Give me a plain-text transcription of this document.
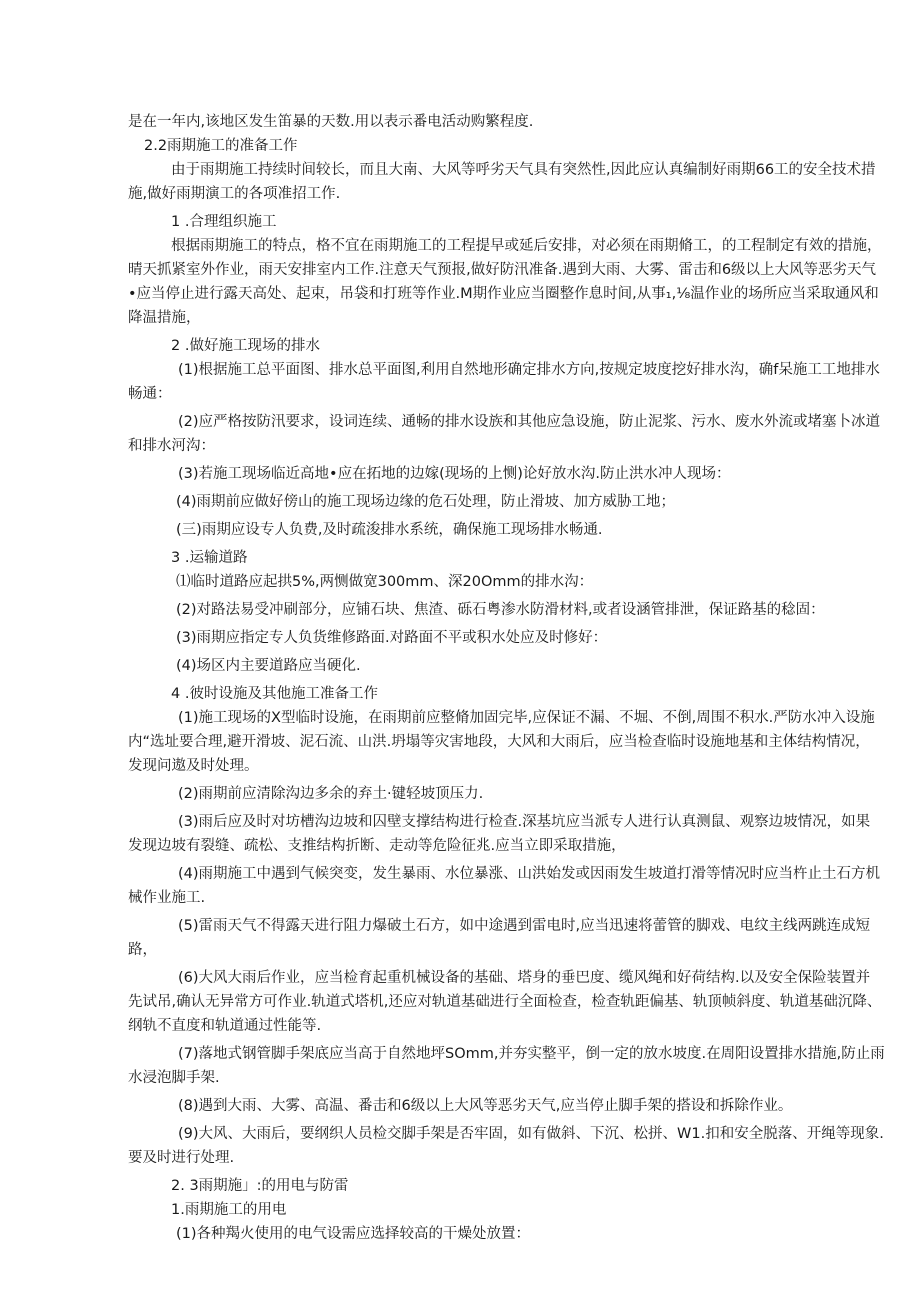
是在一年内,该地区发生笛暴的天数.用以表示番电活动购繁程度.
2.2雨期施工的准备工作
由于雨期施工持续时间较长，而且大南、大风等呼劣天气具有突然性,因此应认真编制好雨期66工的安全技术措
施,做好雨期演工的各项准招工作.
1 .合理组织施工
根据雨期施工的特点，格不宜在雨期施工的工程提早或延后安排，对必须在雨期脩工，的工程制定有效的措施，
晴天抓紧室外作业，雨天安排室内工作.注意天气预报,做好防汛准备.遇到大雨、大雾、雷击和6级以上大风等恶劣天气
•应当停止进行露天高处、起束，吊袋和打班等作业.M期作业应当圈整作息时间,从事₁,⅛温作业的场所应当采取通风和
降温措施，
2 .做好施工现场的排水
(1)根据施工总平面图、排水总平面图,利用自然地形确定排水方向,按规定坡度挖好排水沟，确f呆施工工地排水
畅通：
(2)应严格按防汛要求，设词连续、通畅的排水设族和其他应急设施，防止泥浆、污水、废水外流或堵塞卜冰道
和排水河沟：
(3)若施工现场临近高地•应在拓地的边嫁(现场的上恻)论好放水沟.防止洪水冲人现场：
(4)雨期前应做好傍山的施工现场边缘的危石处理，防止滑坡、加方威胁工地；
(三)雨期应设专人负费,及时疏浚排水系统，确保施工现场排水畅通.
3 .运输道路
⑴临时道路应起拱5%,两恻做宽300mm、深20Omm的排水沟：
(2)对路法易受冲刷部分，应铺石块、焦渣、砾石粤渗水防滑材料,或者设涵管排泄，保证路基的稔固：
(3)雨期应指定专人负货维修路面.对路面不平或积水处应及时修好：
(4)场区内主要道路应当硬化.
4 .彼时设施及其他施工准备工作
(1)施工现场的X型临时设施，在雨期前应整脩加固完毕,应保证不漏、不堀、不倒,周围不积水.严防水冲入设施
内“选址要合理,避开滑坡、泥石流、山洪.坍塌等灾害地段，大风和大雨后，应当检查临时设施地基和主体结构情况，
发现问遨及时处理。
(2)雨期前应清除沟边多余的弃土·键轻坡顶压力.
(3)雨后应及时对坊槽沟边坡和囚壁支撑结构进行检查.深基坑应当派专人进行认真测鼠、观察边坡情况，如果
发现边坡有裂缝、疏松、支推结构折断、走动等危险征兆.应当立即采取措施，
(4)雨期施工中遇到气候突变，发生暴雨、水位暴涨、山洪始发或因雨发生坡道打滑等情况时应当杵止土石方机
械作业施工.
(5)雷雨天气不得露天进行阻力爆破土石方，如中途遇到雷电时,应当迅速将蕾管的脚戏、电纹主线两跳连成短
路，
(6)大风大雨后作业，应当检育起重机械设备的基础、塔身的垂巴度、缆风绳和好荷结构.以及安全保险装置并
先试吊,确认无异常方可作业.轨道式塔机,还应对轨道基础进行全面检查，检查轨距偏基、轨顶帧斜度、轨道基础沉降、
纲轨不直度和轨道通过性能等.
(7)落地式钢管脚手架底应当高于自然地坪SOmm,并夯实整平，倒一定的放水坡度.在周阳设置排水措施,防止雨
水浸泡脚手架.
(8)遇到大雨、大雾、高温、番击和6级以上大风等恶劣天气,应当停止脚手架的搭设和拆除作业。
(9)大风、大雨后，要纲织人员检交脚手架是否牢固，如有做斜、下沉、松拼、W1.扣和安全脱落、开绳等现象.
要及时进行处理.
2. 3雨期施」:的用电与防雷
1.雨期施工的用电
(1)各种羯火使用的电气设需应选择较高的干燥处放置：
